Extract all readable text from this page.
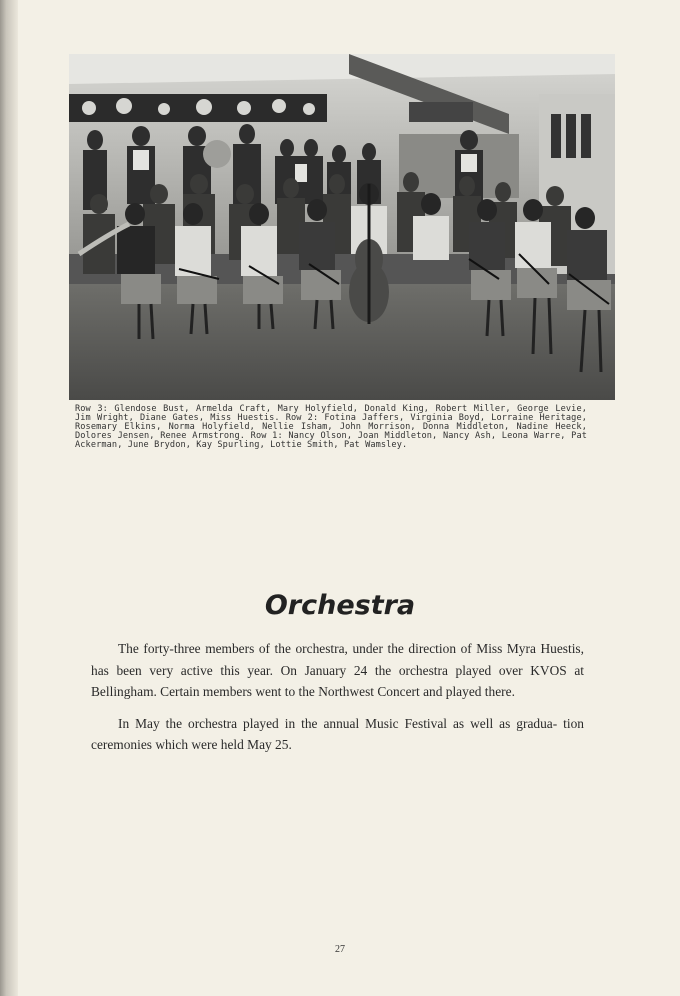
Row 3: Glendose Bust, Armelda Craft, Mary Holyfield, Donald King, Robert Miller, George Levie, Jim Wright, Diane Gates, Miss Huestis. Row 2: Fotina Jaffers, Virginia Boyd, Lorraine Heritage, Rosemary Elkins, Norma Holyfield, Nellie Isham, John Morrison, Donna Middleton, Nadine Heeck, Dolores Jensen, Renee Armstrong. Row 1: Nancy Olson, Joan Middleton, Nancy Ash, Leona Warre, Pat Ackerman, June Brydon, Kay Spurling, Lottie Smith, Pat Wamsley.

Orchestra

The forty-three members of the orchestra, under the direction of Miss Myra Huestis, has been very active this year. On January 24 the orchestra played over KVOS at Bellingham. Certain members went to the Northwest Concert and played there.

In May the orchestra played in the annual Music Festival as well as gradua- tion ceremonies which were held May 25.

27
